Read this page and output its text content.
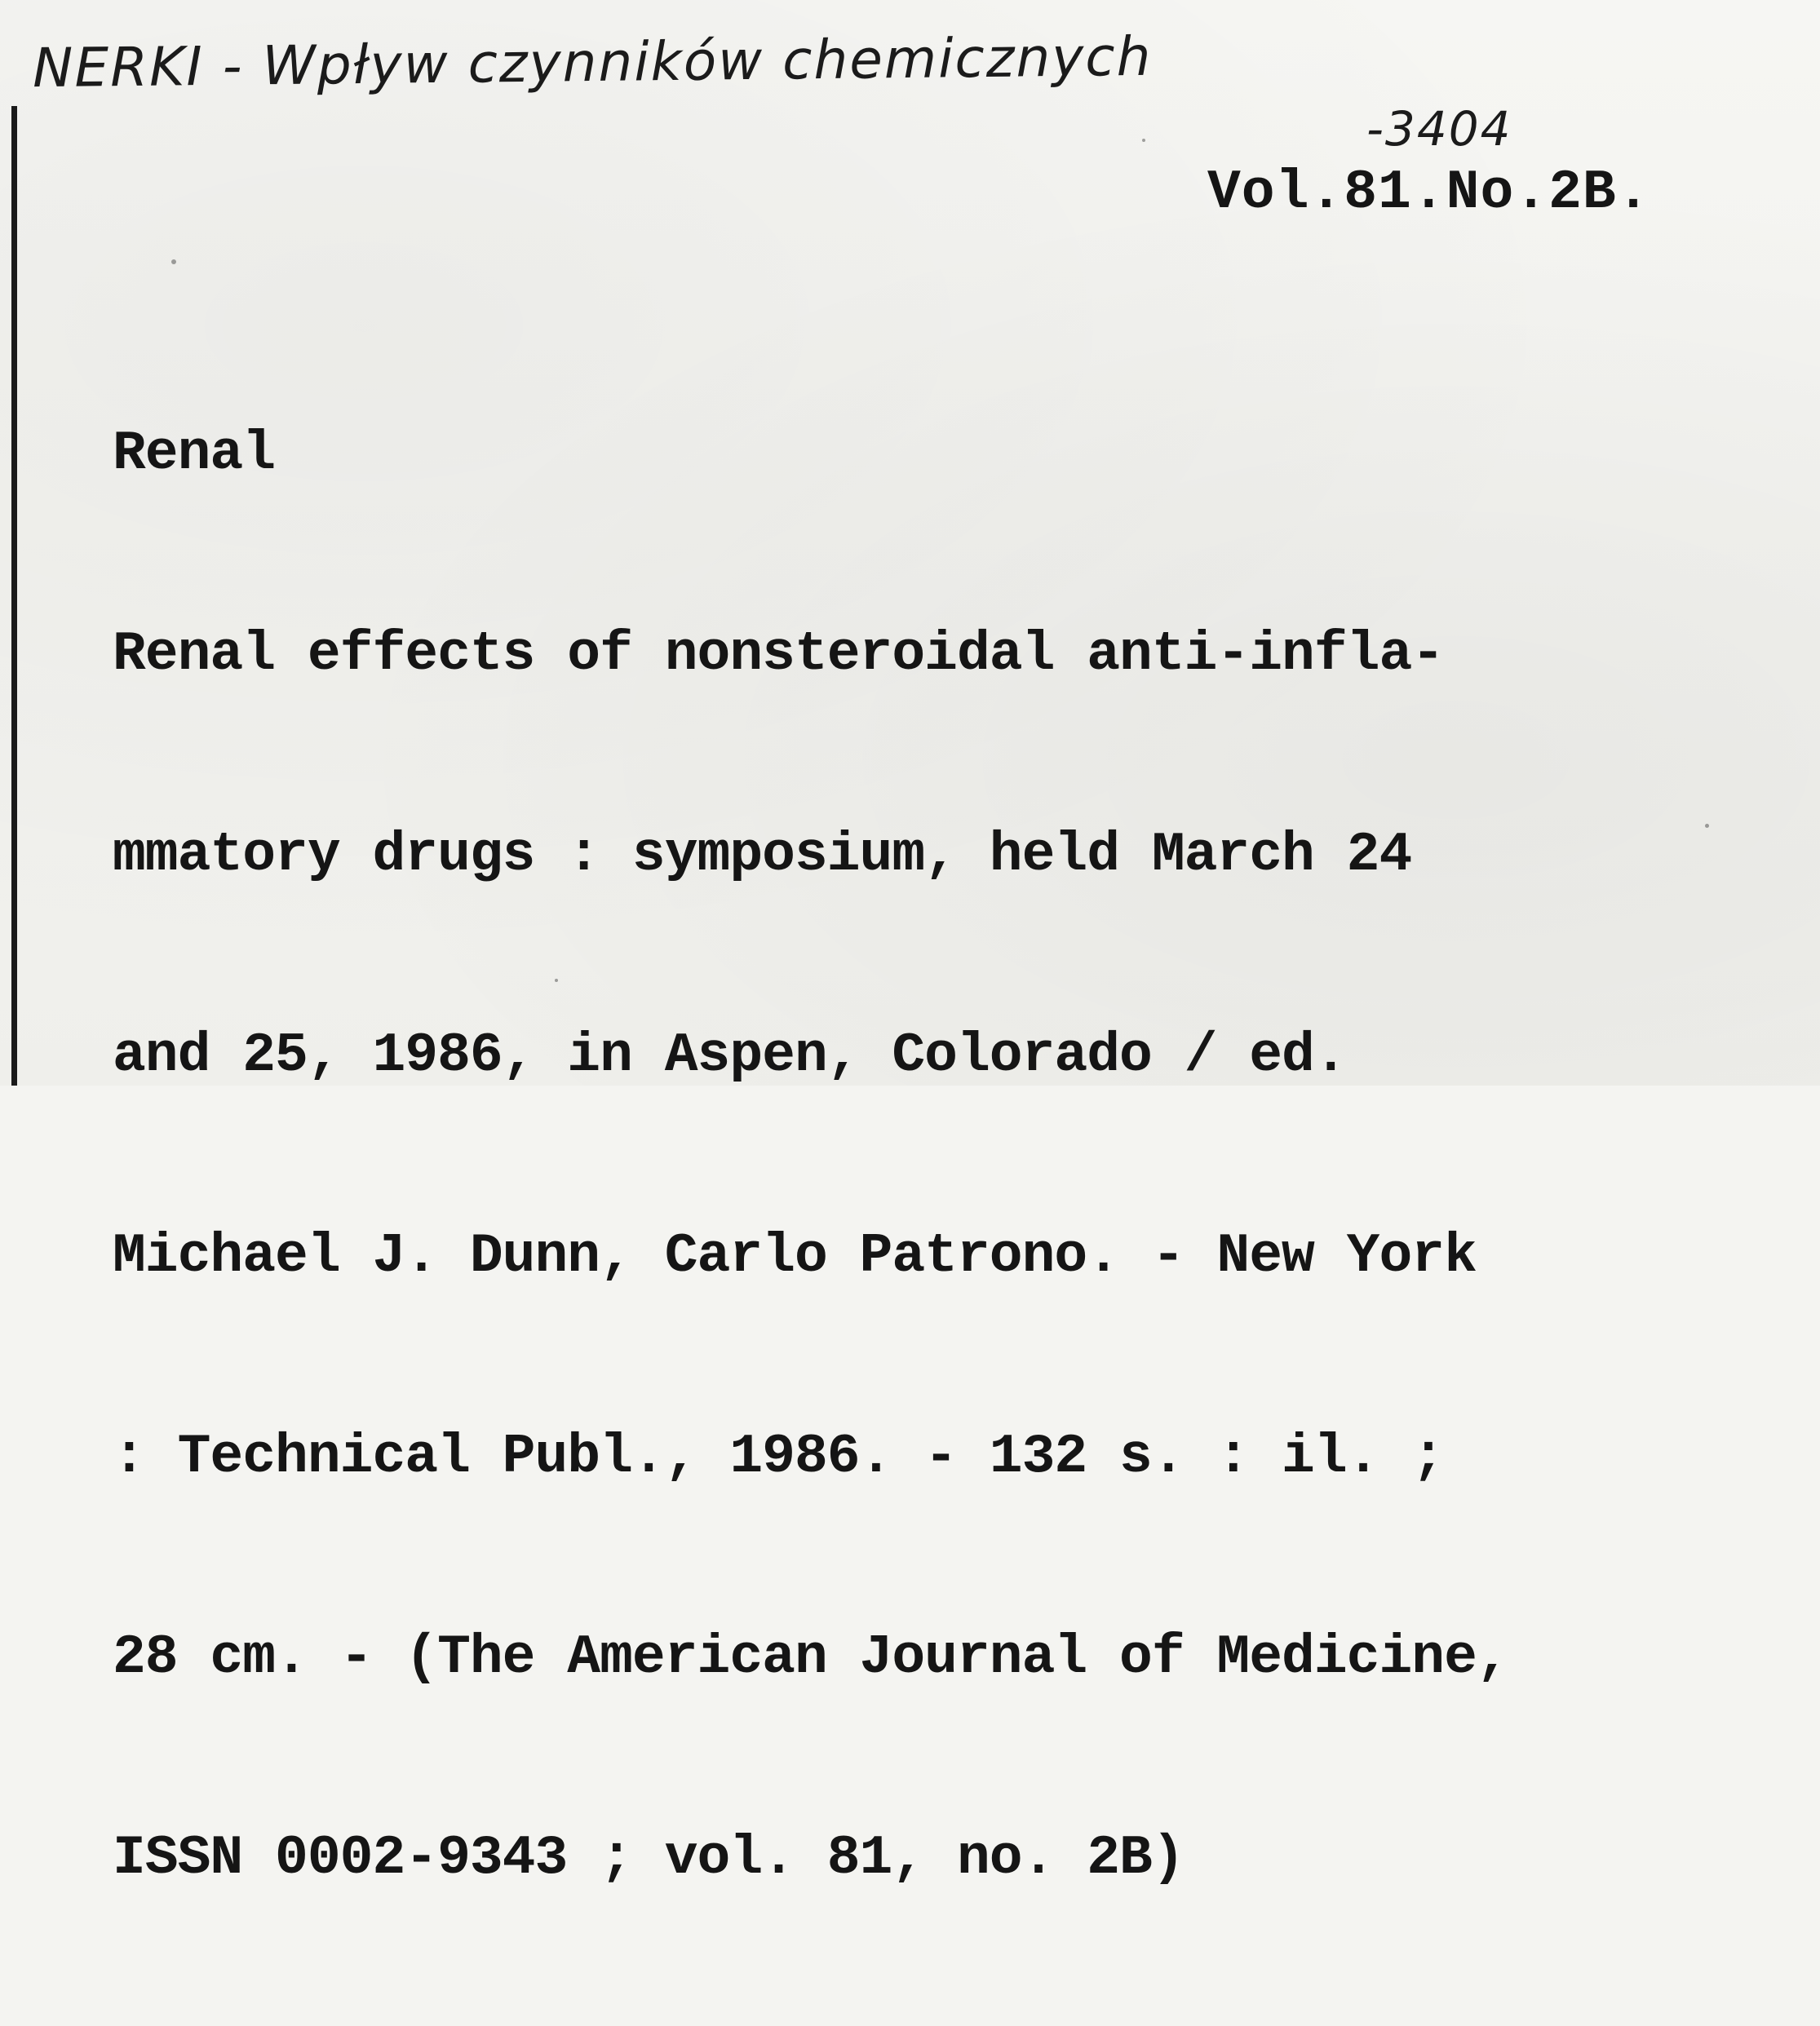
NERKI - Wpływ czynników chemicznych
-3404
Vol.81.No.2B.

Renal

Renal effects of nonsteroidal anti-infla-

mmatory drugs : symposium, held March 24

and 25, 1986, in Aspen, Colorado / ed.

Michael J. Dunn, Carlo Patrono. - New York

: Technical Publ., 1986. - 132 s. : il. ;

28 cm. - (The American Journal of Medicine,

ISSN 0002-9343 ; vol. 81, no. 2B)
